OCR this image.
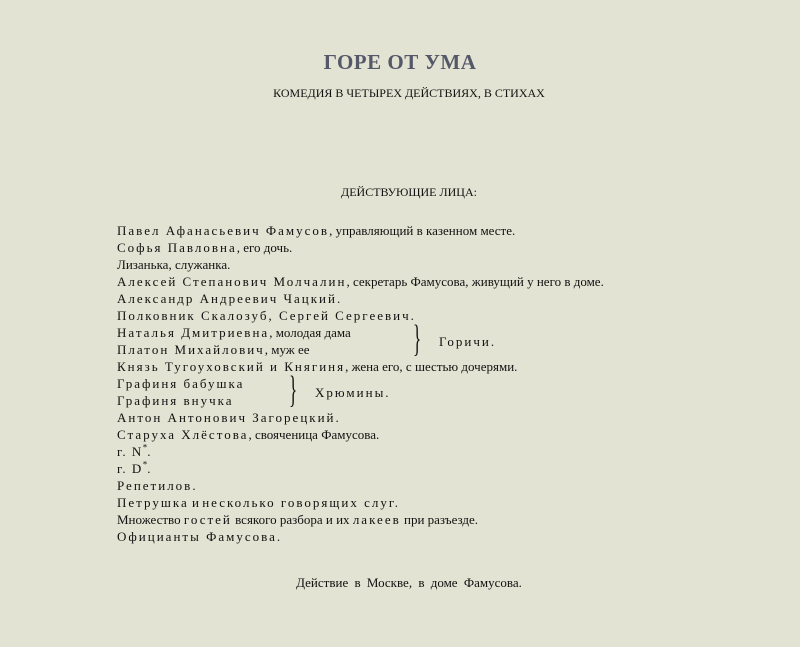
ГОРЕ ОТ УМА
КОМЕДИЯ В ЧЕТЫРЕХ ДЕЙСТВИЯХ, В СТИХАХ
ДЕЙСТВУЮЩИЕ ЛИЦА:
Павел Афанасьевич Фамусов, управляющий в казенном месте.
Софья Павловна, его дочь.
Лизанька, служанка.
Алексей Степанович Молчалин, секретарь Фамусова, живущий у него в доме.
Александр Андреевич Чацкий.
Полковник Скалозуб, Сергей Сергеевич.
Наталья Дмитриевна, молодая дама
Платон Михайлович, муж ее	} Горичи.
Князь Тугоуховский и Княгиня, жена его, с шестью дочерями.
Графиня бабушка
Графиня внучка	} Хрюмины.
Антон Антонович Загорецкий.
Старуха Хлёстова, свояченица Фамусова.
г. N*.
г. D*.
Репетилов.
Петрушка и несколько говорящих слуг.
Множество гостей всякого разбора и их лакеев при разъезде.
Официанты Фамусова.
Действие в Москве, в доме Фамусова.
